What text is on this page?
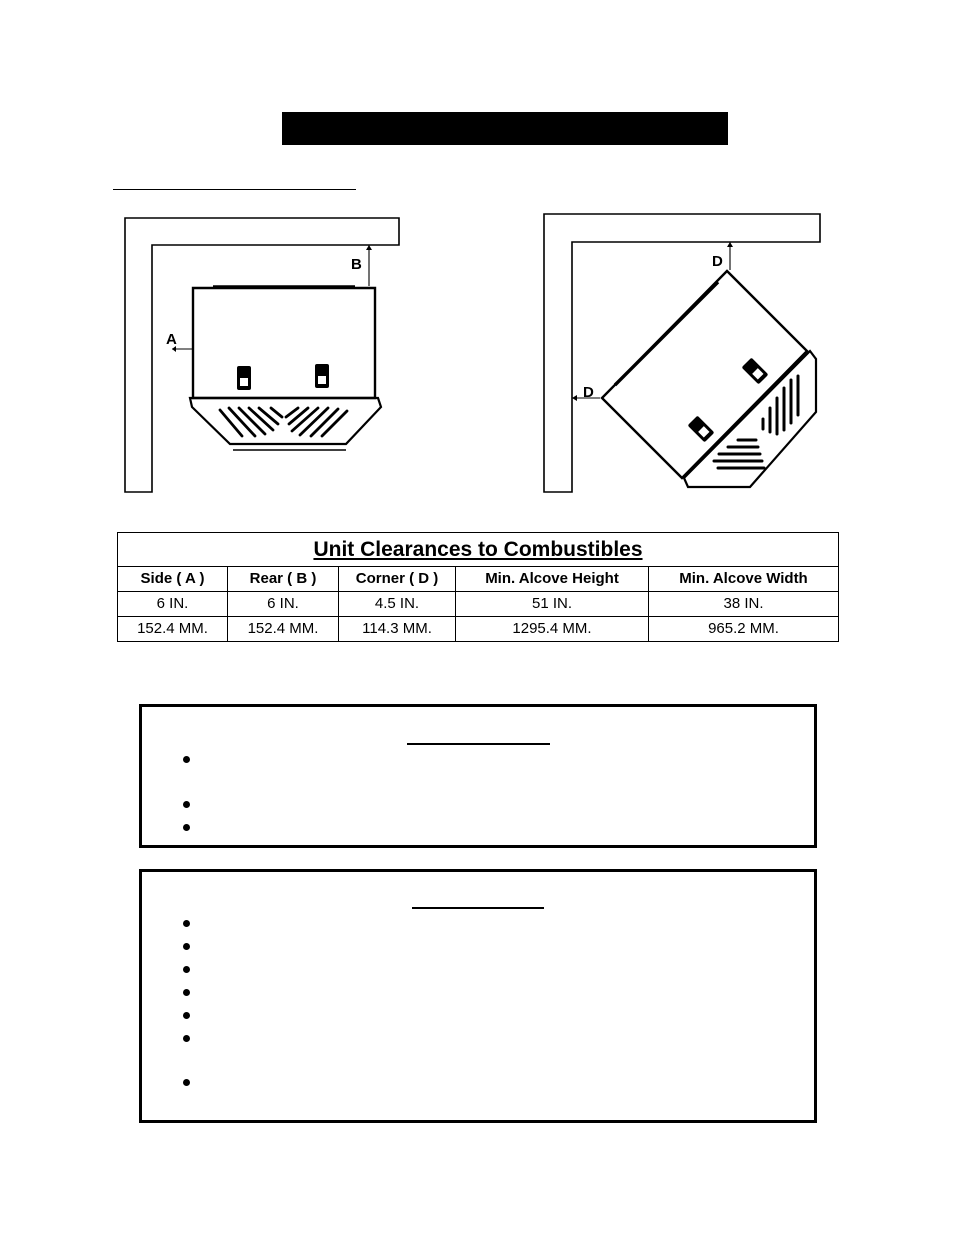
A
B	D
D
Unit Clearances to Combustibles				
Side ( A )	Rear ( B )	Corner ( D )	Min. Alcove Height	Min. Alcove Width
6 IN.	6 IN.	4.5 IN.	51 IN.	38 IN.
152.4 MM.	152.4 MM.	114.3 MM.	1295.4 MM.	965.2 MM.
